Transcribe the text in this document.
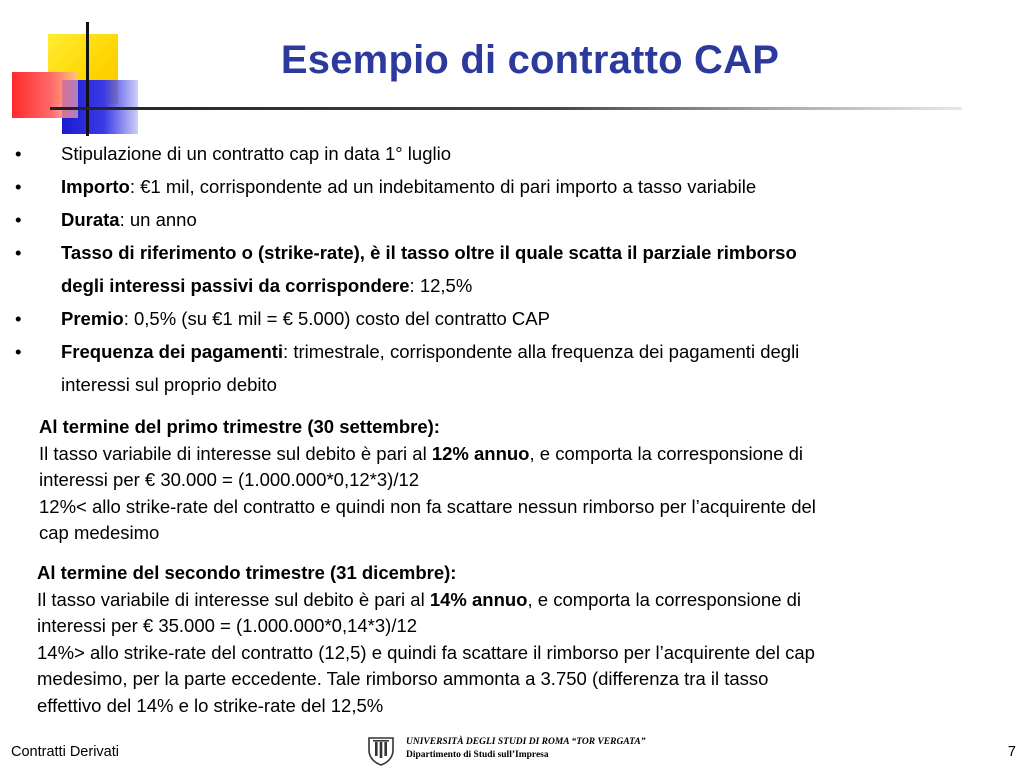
Esempio di contratto CAP
•	Stipulazione di un contratto cap in data 1° luglio
•	Importo: €1 mil, corrispondente ad un indebitamento di pari importo a tasso variabile
•	Durata: un anno
•	Tasso di riferimento o (strike-rate), è il tasso oltre il quale scatta il parziale rimborso
degli interessi passivi da corrispondere: 12,5%
•	Premio: 0,5% (su €1 mil = € 5.000) costo del contratto CAP
•	Frequenza dei pagamenti: trimestrale, corrispondente alla frequenza dei pagamenti degli
interessi sul proprio debito
Al termine del primo trimestre (30 settembre):
Il tasso variabile di interesse sul debito è pari al 12% annuo, e comporta la corresponsione di
interessi per € 30.000 = (1.000.000*0,12*3)/12
12%< allo strike-rate del contratto e quindi non fa scattare nessun rimborso per l’acquirente del
cap medesimo
Al termine del secondo trimestre (31 dicembre):
Il tasso variabile di interesse sul debito è pari al 14% annuo, e comporta la corresponsione di
interessi per € 35.000 = (1.000.000*0,14*3)/12
14%> allo strike-rate del contratto (12,5) e quindi fa scattare il rimborso per l’acquirente del cap
medesimo, per la parte eccedente. Tale rimborso ammonta a 3.750 (differenza tra il tasso
effettivo del 14% e lo strike-rate del 12,5%
Contratti Derivati
UNIVERSITÀ DEGLI STUDI DI ROMA “TOR VERGATA”
Dipartimento di Studi sull’Impresa	7
